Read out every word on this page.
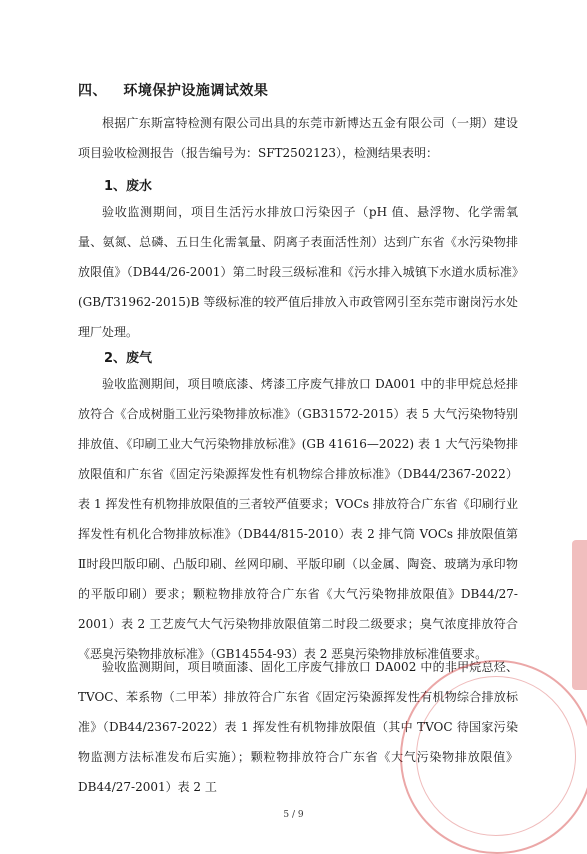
四、 环境保护设施调试效果

根据广东斯富特检测有限公司出具的东莞市新博达五金有限公司（一期）建设项目验收检测报告（报告编号为：SFT2502123），检测结果表明：

1、废水

验收监测期间，项目生活污水排放口污染因子（pH 值、悬浮物、化学需氧量、氨氮、总磷、五日生化需氧量、阴离子表面活性剂）达到广东省《水污染物排放限值》（DB44/26-2001）第二时段三级标准和《污水排入城镇下水道水质标准》(GB/T31962-2015)B 等级标准的较严值后排放入市政管网引至东莞市谢岗污水处理厂处理。

2、废气

验收监测期间，项目喷底漆、烤漆工序废气排放口 DA001 中的非甲烷总烃排放符合《合成树脂工业污染物排放标准》（GB31572-2015）表 5 大气污染物特别排放值、《印刷工业大气污染物排放标准》(GB 41616—2022) 表 1 大气污染物排放限值和广东省《固定污染源挥发性有机物综合排放标准》（DB44/2367-2022）表 1 挥发性有机物排放限值的三者较严值要求；VOCs 排放符合广东省《印刷行业挥发性有机化合物排放标准》（DB44/815-2010）表 2 排气筒 VOCs 排放限值第Ⅱ时段凹版印刷、凸版印刷、丝网印刷、平版印刷（以金属、陶瓷、玻璃为承印物的平版印刷）要求；颗粒物排放符合广东省《大气污染物排放限值》DB44/27-2001）表 2 工艺废气大气污染物排放限值第二时段二级要求；臭气浓度排放符合《恶臭污染物排放标准》（GB14554-93）表 2 恶臭污染物排放标准值要求。

验收监测期间，项目喷面漆、固化工序废气排放口 DA002 中的非甲烷总烃、TVOC、苯系物（二甲苯）排放符合广东省《固定污染源挥发性有机物综合排放标准》（DB44/2367-2022）表 1 挥发性有机物排放限值（其中 TVOC 待国家污染物监测方法标准发布后实施）；颗粒物排放符合广东省《大气污染物排放限值》DB44/27-2001）表 2 工

5 / 9
